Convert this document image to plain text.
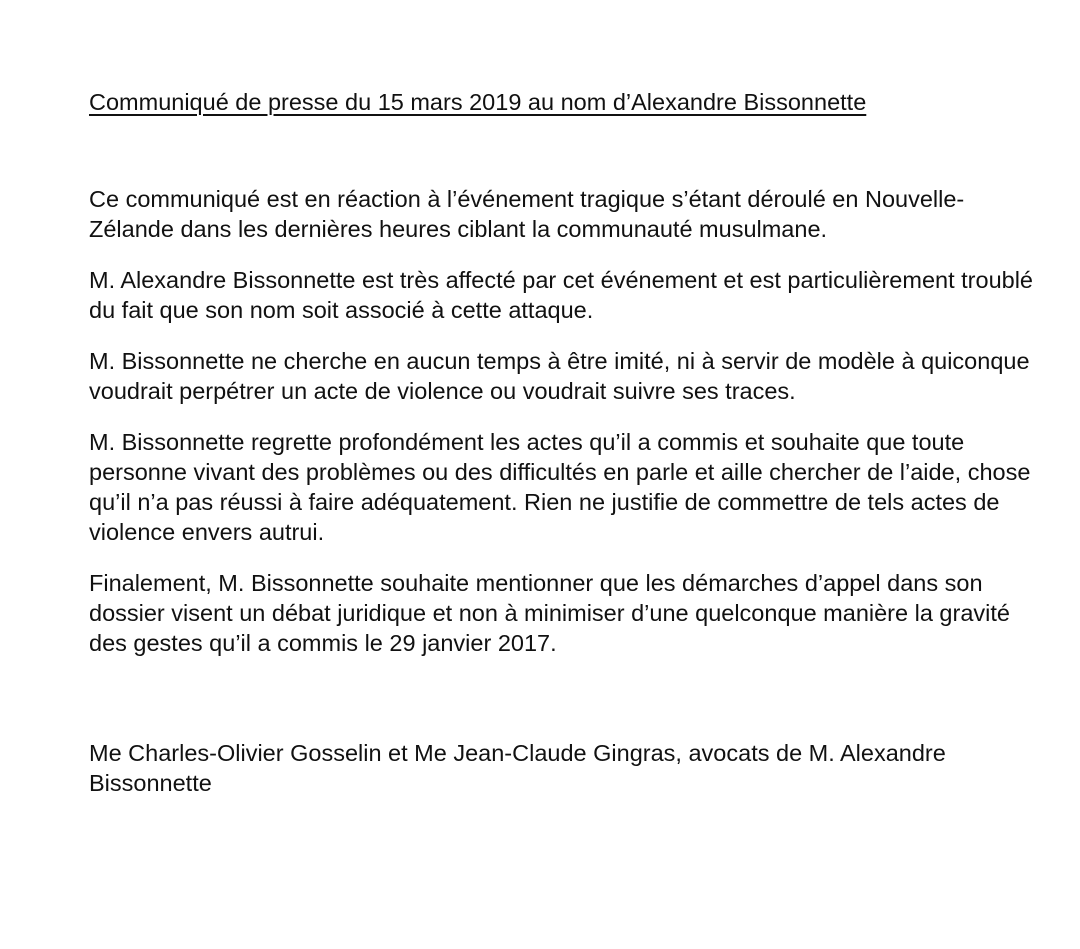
Communiqué de presse du 15 mars 2019 au nom d’Alexandre Bissonnette

Ce communiqué est en réaction à l’événement tragique s’étant déroulé en Nouvelle-Zélande dans les dernières heures ciblant la communauté musulmane.

M. Alexandre Bissonnette est très affecté par cet événement et est particulièrement troublé du fait que son nom soit associé à cette attaque.

M. Bissonnette ne cherche en aucun temps à être imité, ni à servir de modèle à quiconque voudrait perpétrer un acte de violence ou voudrait suivre ses traces.

M. Bissonnette regrette profondément les actes qu’il a commis et souhaite que toute personne vivant des problèmes ou des difficultés en parle et aille chercher de l’aide, chose qu’il n’a pas réussi à faire adéquatement. Rien ne justifie de commettre de tels actes de violence envers autrui.

Finalement, M. Bissonnette souhaite mentionner que les démarches d’appel dans son dossier visent un débat juridique et non à minimiser d’une quelconque manière la gravité des gestes qu’il a commis le 29 janvier 2017.

Me Charles-Olivier Gosselin et Me Jean-Claude Gingras, avocats de M. Alexandre Bissonnette
